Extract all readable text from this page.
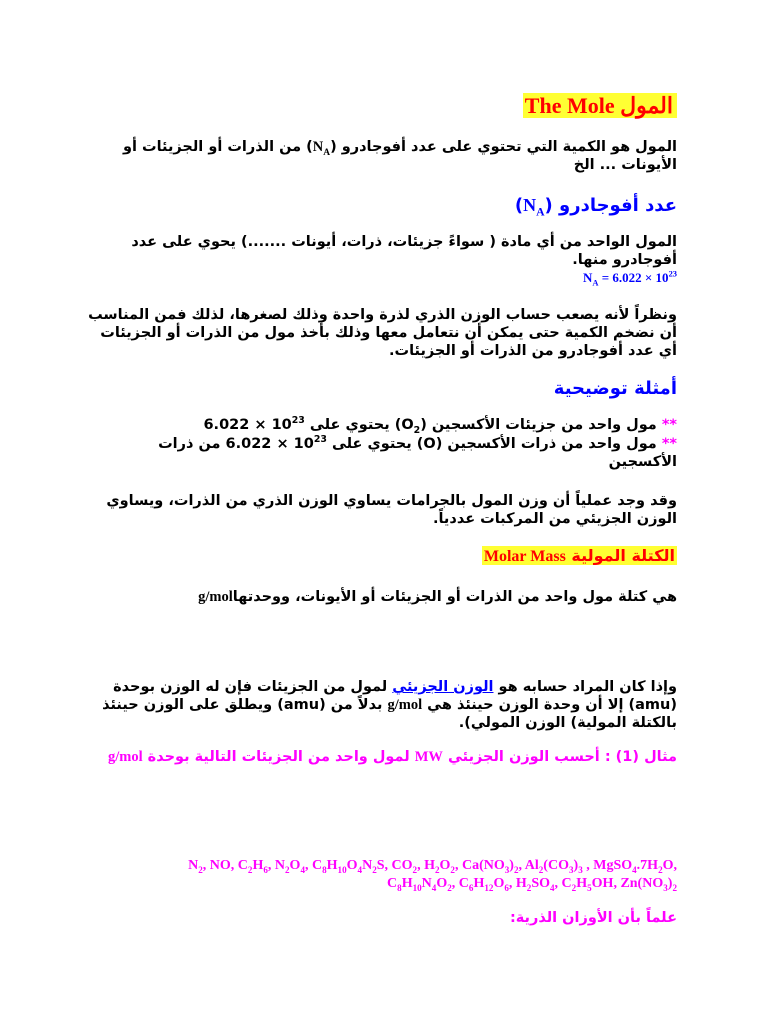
المول The Mole
المول هو الكمية التي تحتوي على عدد أفوجادرو $(N_A)$ من الذرات أو الجزيئات أو الأيونات ... الخ
عدد أفوجادرو $(N_A)$
المول الواحد من أي مادة ( سواءً جزيئات، ذرات، أيونات .......) يحوي على عدد أفوجادرو منها.
$N_A = 6.022 \times 10^{23}$
ونظراً لأنه يصعب حساب الوزن الذري لذرة واحدة وذلك لصغرها، لذلك فمن المناسب أن نضخم الكمية حتى يمكن أن نتعامل معها وذلك بأخذ مول من الذرات أو الجزيئات أي عدد أفوجادرو من الذرات أو الجزيئات.
أمثلة توضيحية
** مول واحد من جزيئات الأكسجين $(O_2)$ يحتوي على $6.022 \times 10^{23}$
** مول واحد من ذرات الأكسجين (O) يحتوي على $6.022 \times 10^{23}$ من ذرات الأكسجين
وقد وجد عملياً أن وزن المول بالجرامات يساوي الوزن الذري من الذرات، ويساوي الوزن الجزيئي من المركبات عددياً.
الكتلة المولية Molar Mass
هي كتلة مول واحد من الذرات أو الجزيئات أو الأيونات، ووحدتهاg/mol
وإذا كان المراد حسابه هو الوزن الجزيئي لمول من الجزيئات فإن له الوزن بوحدة (amu) إلا أن وحدة الوزن حينئذ هي g/mol بدلاً من (amu) ويطلق على الوزن حينئذ بالكتلة المولية) الوزن المولي).
مثال (1) : أحسب الوزن الجزيئي MW لمول واحد من الجزيئات التالية بوحدة g/mol
$N_2$, NO, $C_2H_6$, $N_2O_4$, $C_8H_{10}O_4N_2S$, $CO_2$, $H_2O_2$, $Ca(NO_3)_2$, $Al_2(CO_3)_3$ , $MgSO_4.7H_2O$,
$C_8H_{10}N_4O_2$, $C_6H_{12}O_6$, $H_2SO_4$, $C_2H_5OH$, $Zn(NO_3)_2$
علماً بأن الأوزان الذرية:
